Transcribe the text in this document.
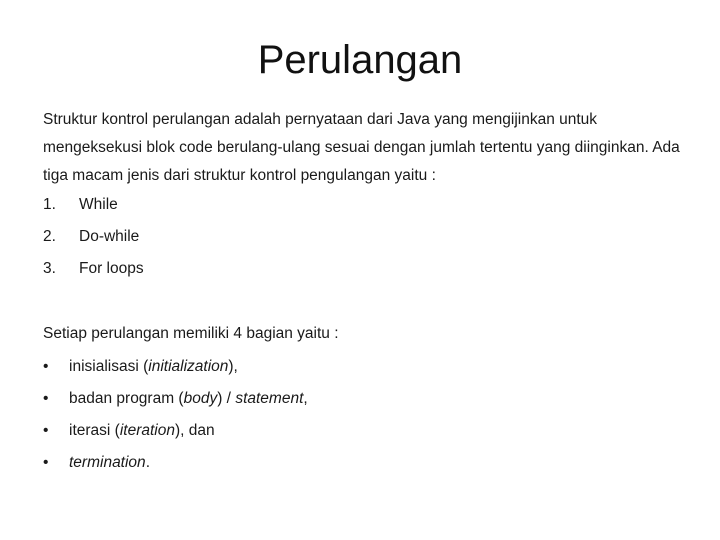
Perulangan
Struktur kontrol perulangan adalah pernyataan dari Java yang mengijinkan untuk mengeksekusi blok code berulang-ulang sesuai dengan jumlah tertentu yang diinginkan. Ada tiga macam jenis dari struktur kontrol pengulangan yaitu :
1. While
2. Do-while
3. For loops
Setiap perulangan memiliki 4 bagian yaitu :
• inisialisasi (initialization),
• badan program (body) / statement,
• iterasi (iteration), dan
• termination.
